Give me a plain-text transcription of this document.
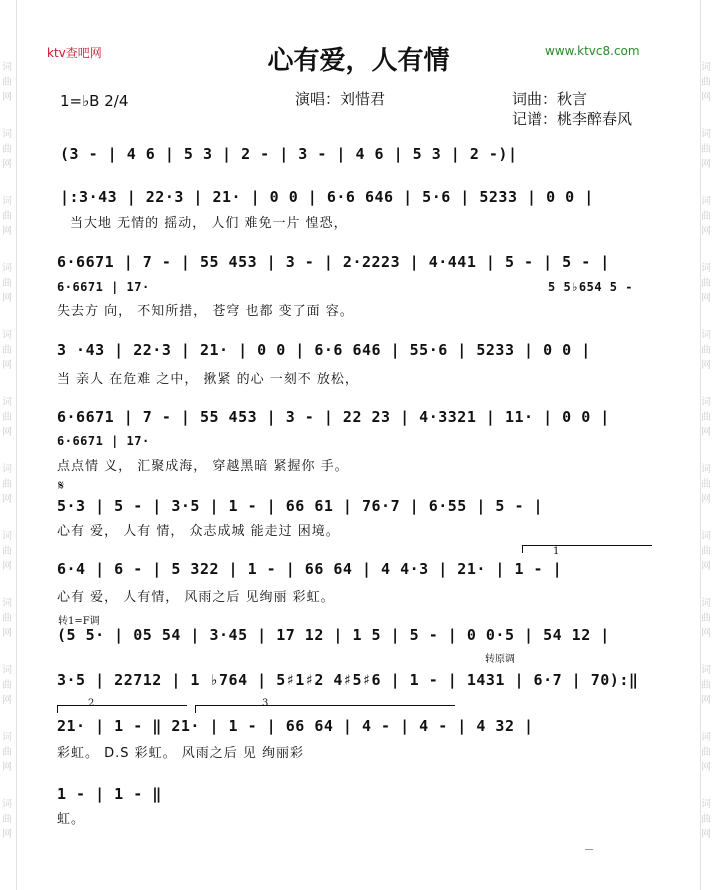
词
曲
网
词
曲
网
词
曲
网
词
曲
网
词
曲
网
词
曲
网
词
曲
网
词
曲
网
词
曲
网
词
曲
网
词
曲
网
词
曲
网
词
曲
网
词
曲
网
词
曲
网
词
曲
网
词
曲
网
词
曲
网
词
曲
网
词
曲
网
词
曲
网
词
曲
网
词
曲
网
词
曲
网
ktv查吧网	www.ktvc8.com
心有爱，人有情
演唱：刘惜君	词曲：秋言
记谱：桃李醉春风
1=♭B 2/4
(3 - | 4 6 | 5 3 | 2 - | 3 - | 4 6 | 5 3 | 2 -)|
|:3·43 | 22·3 | 21· | 0 0 | 6·6 646 | 5·6 | 5233 | 0 0 |
当大地 无情的 摇动， 人们 难免一片 惶恐，
6·6671 | 7 - | 55 453 | 3 - | 2·2223 | 4·441 | 5 - | 5 - |
6·6671 | 17·	5 5♭654 5 -
失去方 向， 不知所措， 苍穹 也都 变了面 容。
3 ·43 | 22·3 | 21· | 0 0 | 6·6 646 | 55·6 | 5233 | 0 0 |
当 亲人 在危难 之中， 揪紧 的心 一刻不 放松，
6·6671 | 7 - | 55 453 | 3 - | 22 23 | 4·3321 | 11· | 0 0 |
6·6671 | 17·
点点情 义， 汇聚成海， 穿越黑暗 紧握你 手。
𝄋
5·3 | 5 - | 3·5 | 1 - | 66 61 | 76·7 | 6·55 | 5 - |
心有 爱， 人有 情， 众志成城 能走过 困境。
1
6·4 | 6 - | 5 322 | 1 - | 66 64 | 4 4·3 | 21· | 1 - |
心有 爱， 人有情， 风雨之后 见绚丽 彩虹。
转1=F调
(5 5· | 05 54 | 3·45 | 17 12 | 1 5 | 5 - | 0 0·5 | 54 12 |
转原调
3·5 | 22712 | 1 ♭764 | 5♯1♯2 4♯5♯6 | 1 - | 1431 | 6·7 | 70):‖
2	3
21· | 1 - ‖ 21· | 1 - | 66 64 | 4 - | 4 - | 4 32 |
彩虹。 D.S 彩虹。 风雨之后 见 绚丽彩
1 - | 1 - ‖
虹。
